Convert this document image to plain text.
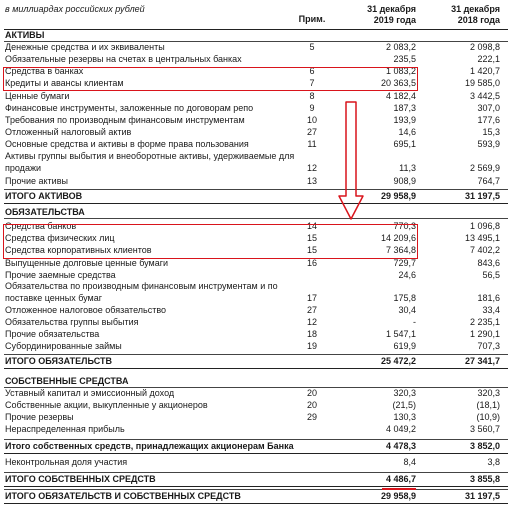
в миллиардах российских рублей
Прим.
31 декабря
2019 года
31 декабря
2018 года
АКТИВЫ
Денежные средства и их эквиваленты	5	2 083,2	2 098,8
Обязательные резервы на счетах в центральных банках	235,5	222,1
Средства в банках	6	1 083,2	1 420,7
Кредиты и авансы клиентам	7	20 363,5	19 585,0
Ценные бумаги	8	4 182,4	3 442,5
Финансовые инструменты, заложенные по договорам репо	9	187,3	307,0
Требования по производным финансовым инструментам	10	193,9	177,6
Отложенный налоговый актив	27	14,6	15,3
Основные средства и активы в форме права пользования	11	695,1	593,9
Активы группы выбытия и внеоборотные активы, удерживаемые для
продажи	12	11,3	2 569,9
Прочие активы	13	908,9	764,7
ИТОГО АКТИВОВ	29 958,9	31 197,5
ОБЯЗАТЕЛЬСТВА
Средства банков	14	770,3	1 096,8
Средства физических лиц	15	14 209,6	13 495,1
Средства корпоративных клиентов	15	7 364,8	7 402,2
Выпущенные долговые ценные бумаги	16	729,7	843,6
Прочие заемные средства	24,6	56,5
Обязательства по производным финансовым инструментам и по
поставке ценных бумаг	17	175,8	181,6
Отложенное налоговое обязательство	27	30,4	33,4
Обязательства группы выбытия	12	-	2 235,1
Прочие обязательства	18	1 547,1	1 290,1
Субординированные займы	19	619,9	707,3
ИТОГО ОБЯЗАТЕЛЬСТВ	25 472,2	27 341,7
СОБСТВЕННЫЕ СРЕДСТВА
Уставный капитал и эмиссионный доход	20	320,3	320,3
Собственные акции, выкупленные у акционеров	20	(21,5)	(18,1)
Прочие резервы	29	130,3	(10,9)
Нераспределенная прибыль	4 049,2	3 560,7
Итого собственных средств, принадлежащих акционерам Банка	4 478,3	3 852,0
Неконтрольная доля участия	8,4	3,8
ИТОГО СОБСТВЕННЫХ СРЕДСТВ	4 486,7	3 855,8
ИТОГО ОБЯЗАТЕЛЬСТВ И СОБСТВЕННЫХ СРЕДСТВ	29 958,9	31 197,5
